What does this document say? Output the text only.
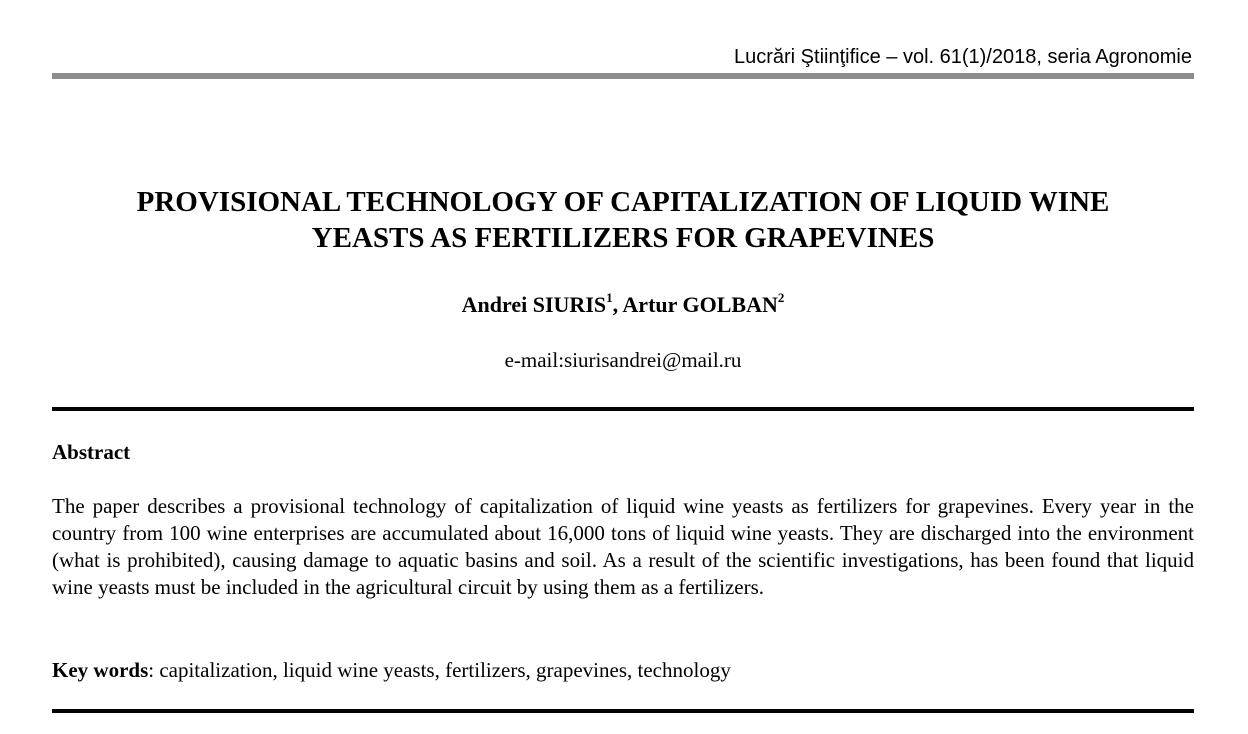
Lucrări Ştiinţifice – vol. 61(1)/2018, seria Agronomie
PROVISIONAL TECHNOLOGY OF CAPITALIZATION OF LIQUID WINE
YEASTS AS FERTILIZERS FOR GRAPEVINES
Andrei SIURIS$^1$, Artur GOLBAN$^2$
e-mail:siurisandrei@mail.ru
Abstract
The paper describes a provisional technology of capitalization of liquid wine yeasts as fertilizers for grapevines. Every year in the country from 100 wine enterprises are accumulated about 16,000 tons of liquid wine yeasts. They are discharged into the environment (what is prohibited), causing damage to aquatic basins and soil. As a result of the scientific investigations, has been found that liquid wine yeasts must be included in the agricultural circuit by using them as a fertilizers.
Key words: capitalization, liquid wine yeasts, fertilizers, grapevines, technology
